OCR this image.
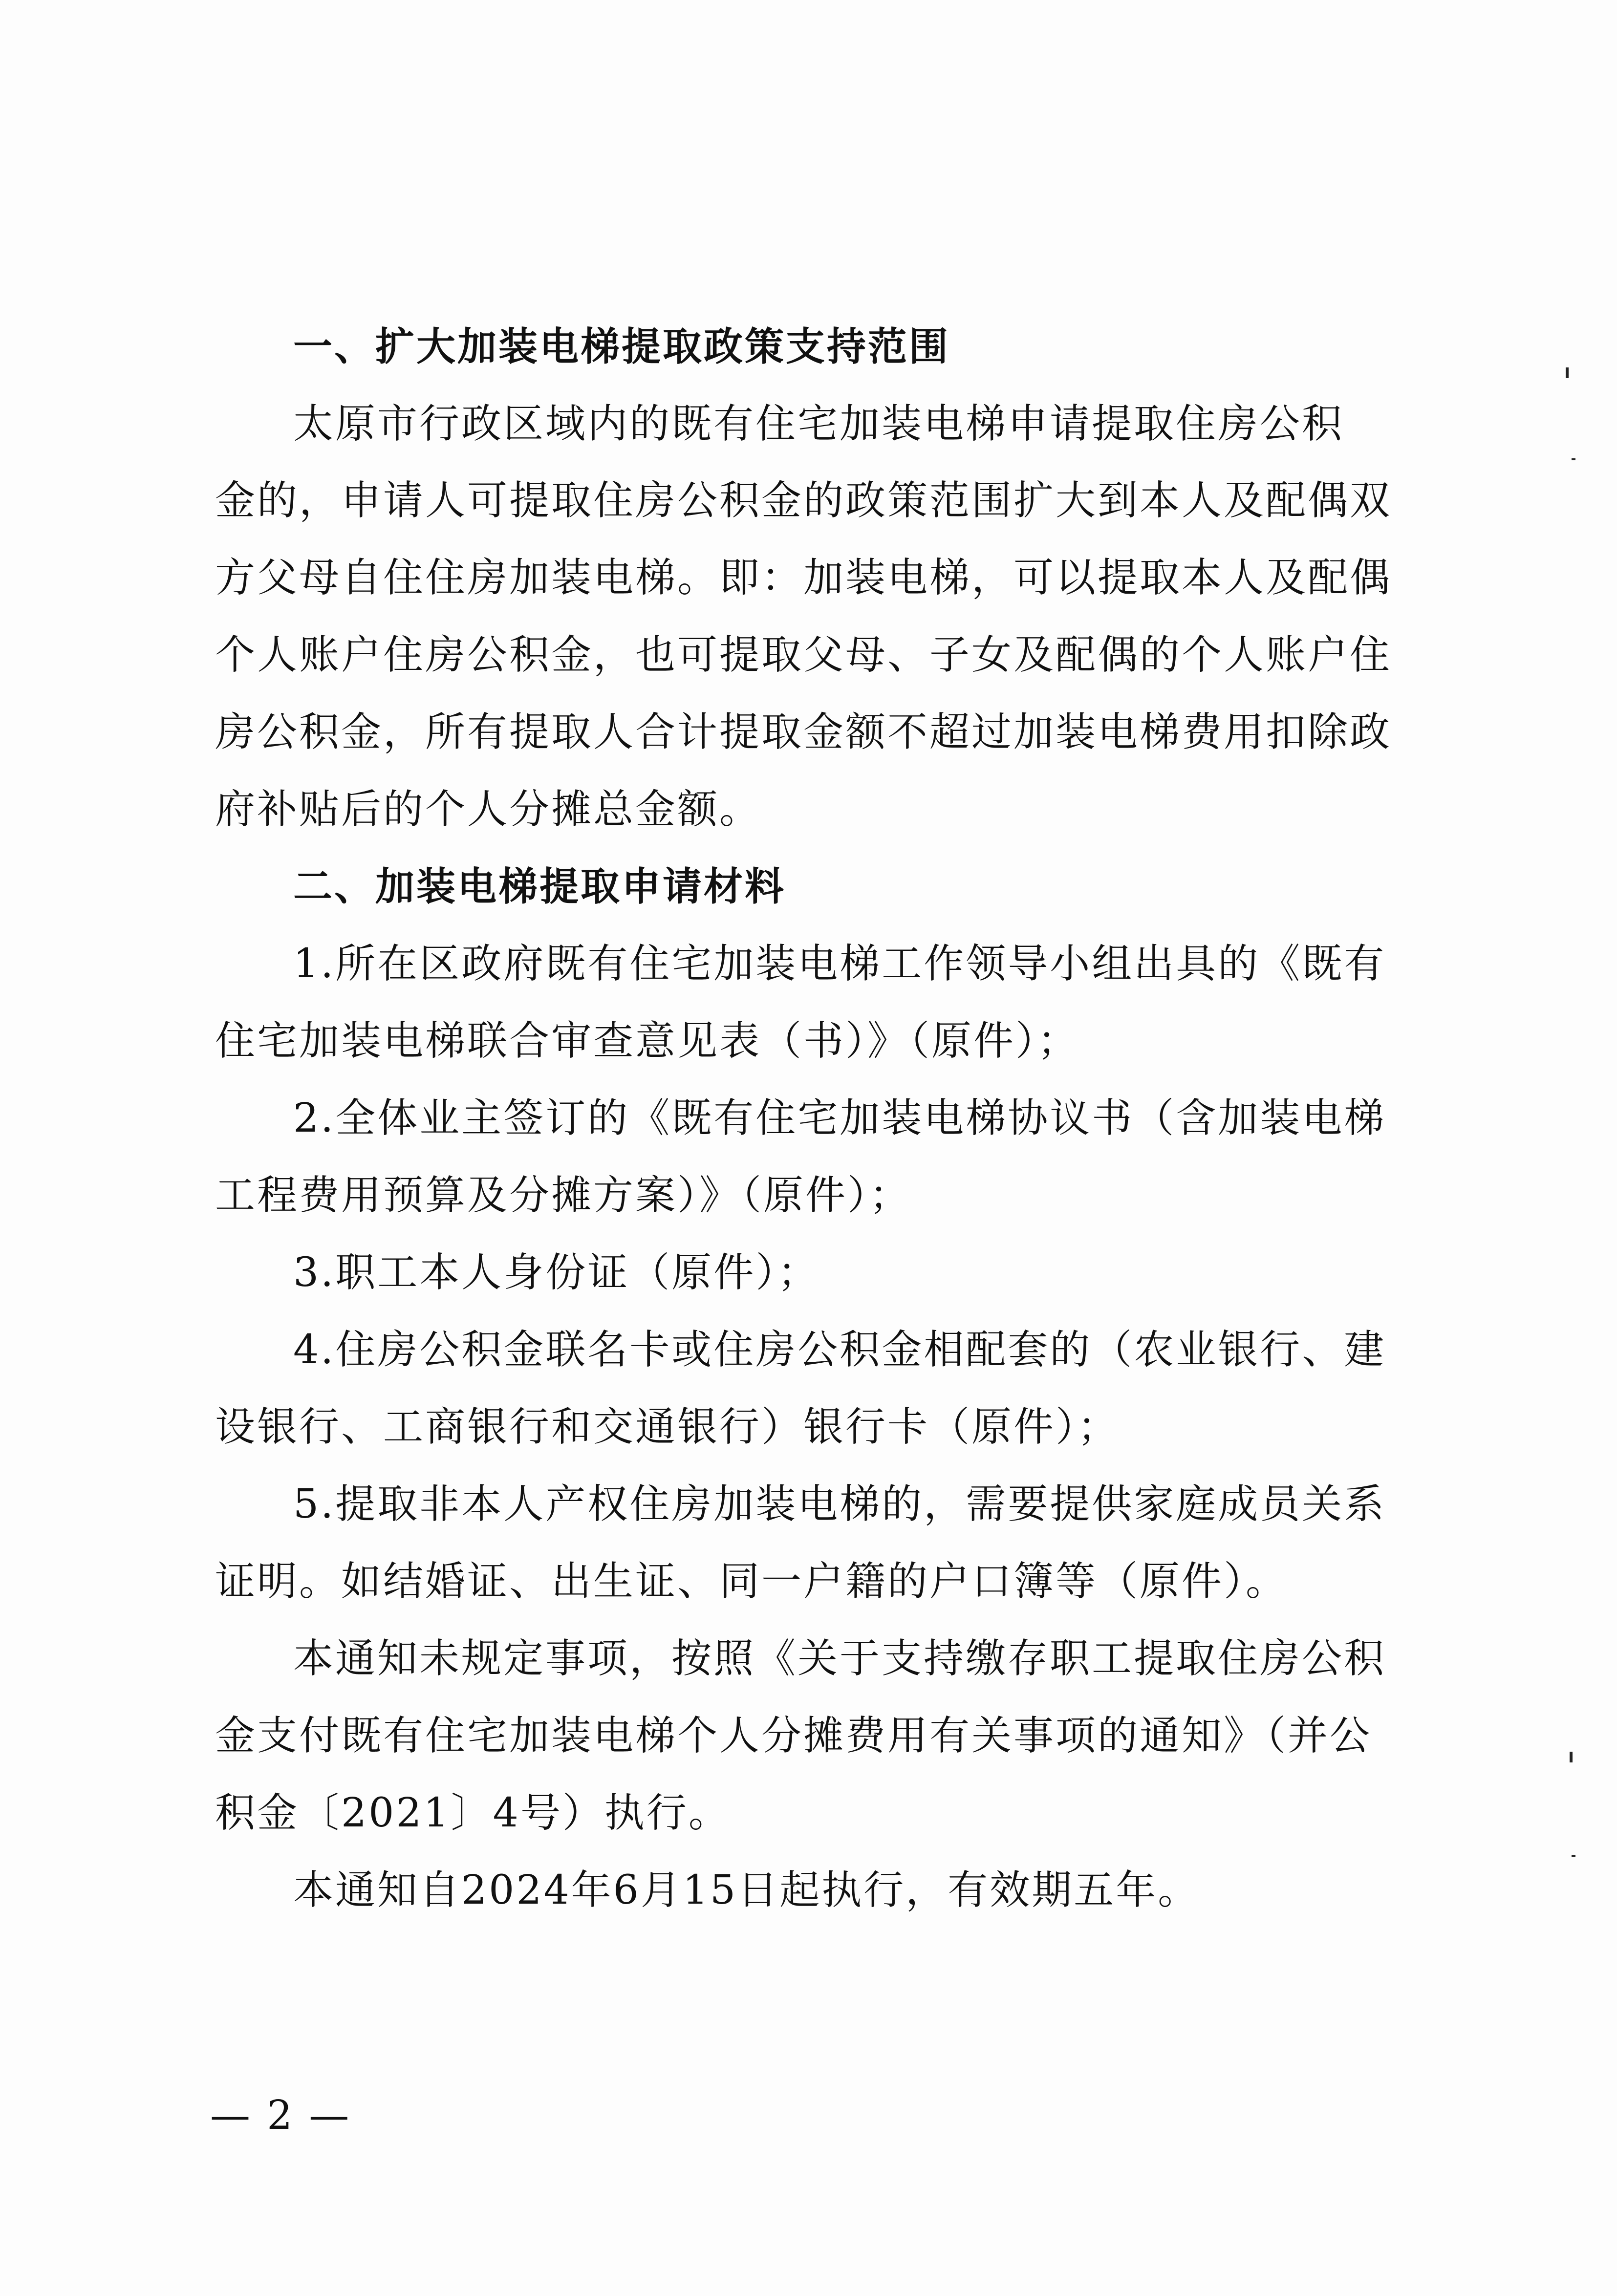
一、扩大加装电梯提取政策支持范围
太原市行政区域内的既有住宅加装电梯申请提取住房公积
金的，申请人可提取住房公积金的政策范围扩大到本人及配偶双
方父母自住住房加装电梯。即：加装电梯，可以提取本人及配偶
个人账户住房公积金，也可提取父母、子女及配偶的个人账户住
房公积金，所有提取人合计提取金额不超过加装电梯费用扣除政
府补贴后的个人分摊总金额。
二、加装电梯提取申请材料
1.所在区政府既有住宅加装电梯工作领导小组出具的《既有
住宅加装电梯联合审查意见表（书）》（原件）；
2.全体业主签订的《既有住宅加装电梯协议书（含加装电梯
工程费用预算及分摊方案）》（原件）；
3.职工本人身份证（原件）；
4.住房公积金联名卡或住房公积金相配套的（农业银行、建
设银行、工商银行和交通银行）银行卡（原件）；
5.提取非本人产权住房加装电梯的，需要提供家庭成员关系
证明。如结婚证、出生证、同一户籍的户口簿等（原件）。
本通知未规定事项，按照《关于支持缴存职工提取住房公积
金支付既有住宅加装电梯个人分摊费用有关事项的通知》（并公
积金〔2021〕4号）执行。
本通知自2024年6月15日起执行，有效期五年。
— 2 —
